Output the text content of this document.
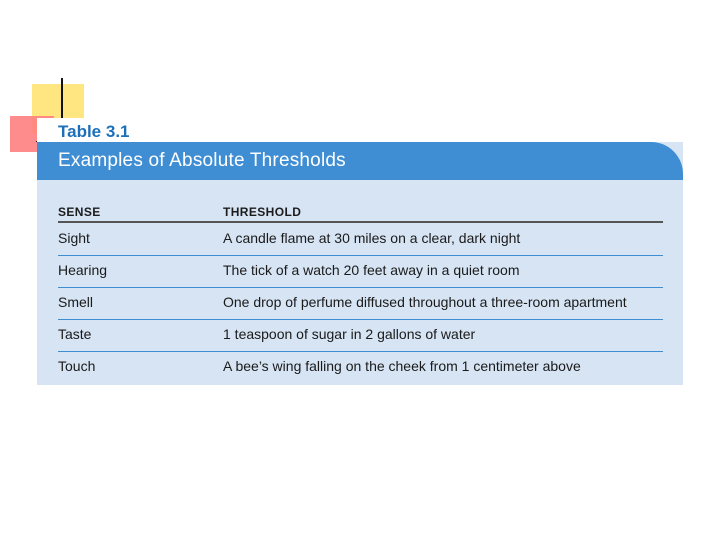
Table 3.1
Examples of Absolute Thresholds
SENSE	THRESHOLD
Sight	A candle flame at 30 miles on a clear, dark night
Hearing	The tick of a watch 20 feet away in a quiet room
Smell	One drop of perfume diffused throughout a three-room apartment
Taste	1 teaspoon of sugar in 2 gallons of water
Touch	A bee’s wing falling on the cheek from 1 centimeter above
